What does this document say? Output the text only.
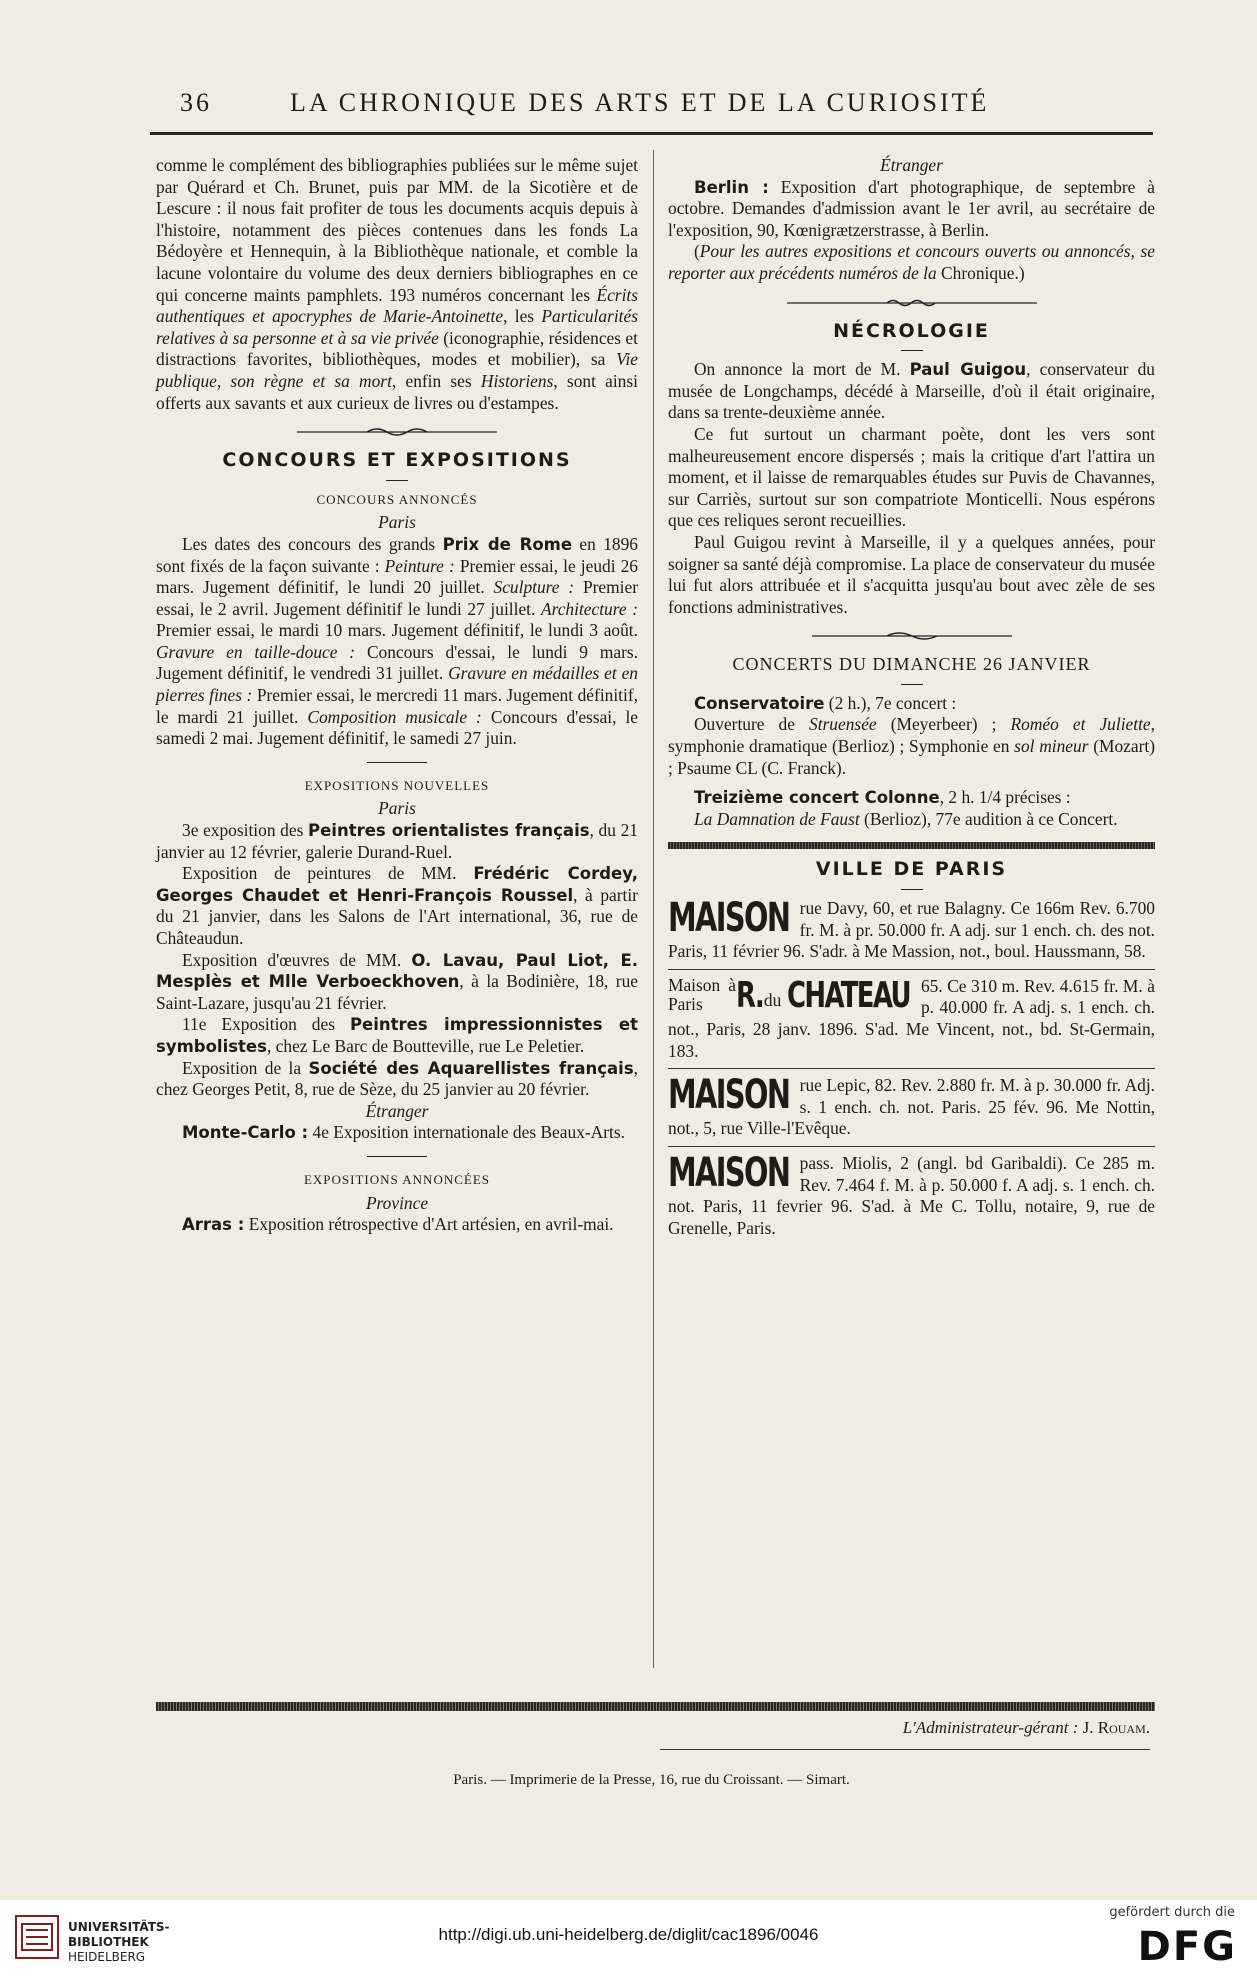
36	LA CHRONIQUE DES ARTS ET DE LA CURIOSITÉ

comme le complément des bibliographies publiées sur le même sujet par Quérard et Ch. Brunet, puis par MM. de la Sicotière et de Lescure : il nous fait profiter de tous les documents acquis depuis à l'histoire, notamment des pièces contenues dans les fonds La Bédoyère et Hennequin, à la Bibliothèque nationale, et comble la lacune volontaire du volume des deux derniers bibliographes en ce qui concerne maints pamphlets. 193 numéros concernant les Écrits authentiques et apocryphes de Marie-Antoinette, les Particularités relatives à sa personne et à sa vie privée (iconographie, résidences et distractions favorites, bibliothèques, modes et mobilier), sa Vie publique, son règne et sa mort, enfin ses Historiens, sont ainsi offerts aux savants et aux curieux de livres ou d'estampes.

CONCOURS ET EXPOSITIONS
CONCOURS ANNONCÉS
Paris

Les dates des concours des grands Prix de Rome en 1896 sont fixés de la façon suivante : Peinture : Premier essai, le jeudi 26 mars. Jugement définitif, le lundi 20 juillet. Sculpture : Premier essai, le 2 avril. Jugement définitif le lundi 27 juillet. Architecture : Premier essai, le mardi 10 mars. Jugement définitif, le lundi 3 août. Gravure en taille-douce : Concours d'essai, le lundi 9 mars. Jugement définitif, le vendredi 31 juillet. Gravure en médailles et en pierres fines : Premier essai, le mercredi 11 mars. Jugement définitif, le mardi 21 juillet. Composition musicale : Concours d'essai, le samedi 2 mai. Jugement définitif, le samedi 27 juin.

EXPOSITIONS NOUVELLES
Paris

3e exposition des Peintres orientalistes français, du 21 janvier au 12 février, galerie Durand-Ruel.

Exposition de peintures de MM. Frédéric Cordey, Georges Chaudet et Henri-François Roussel, à partir du 21 janvier, dans les Salons de l'Art international, 36, rue de Châteaudun.

Exposition d'œuvres de MM. O. Lavau, Paul Liot, E. Mesplès et Mlle Verboeckhoven, à la Bodinière, 18, rue Saint-Lazare, jusqu'au 21 février.

11e Exposition des Peintres impressionnistes et symbolistes, chez Le Barc de Boutteville, rue Le Peletier.

Exposition de la Société des Aquarellistes français, chez Georges Petit, 8, rue de Sèze, du 25 janvier au 20 février.

Étranger

Monte-Carlo : 4e Exposition internationale des Beaux-Arts.

EXPOSITIONS ANNONCÉES
Province

Arras : Exposition rétrospective d'Art artésien, en avril-mai.

Étranger

Berlin : Exposition d'art photographique, de septembre à octobre. Demandes d'admission avant le 1er avril, au secrétaire de l'exposition, 90, Kœnigrætzerstrasse, à Berlin.

(Pour les autres expositions et concours ouverts ou annoncés, se reporter aux précédents numéros de la Chronique.)

NÉCROLOGIE

On annonce la mort de M. Paul Guigou, conservateur du musée de Longchamps, décédé à Marseille, d'où il était originaire, dans sa trente-deuxième année.

Ce fut surtout un charmant poète, dont les vers sont malheureusement encore dispersés ; mais la critique d'art l'attira un moment, et il laisse de remarquables études sur Puvis de Chavannes, sur Carriès, surtout sur son compatriote Monticelli. Nous espérons que ces reliques seront recueillies.

Paul Guigou revint à Marseille, il y a quelques années, pour soigner sa santé déjà compromise. La place de conservateur du musée lui fut alors attribuée et il s'acquitta jusqu'au bout avec zèle de ses fonctions administratives.

CONCERTS DU DIMANCHE 26 JANVIER

Conservatoire (2 h.), 7e concert :

Ouverture de Struensée (Meyerbeer) ; Roméo et Juliette, symphonie dramatique (Berlioz) ; Symphonie en sol mineur (Mozart) ; Psaume CL (C. Franck).

Treizième concert Colonne, 2 h. 1/4 précises :

La Damnation de Faust (Berlioz), 77e audition à ce Concert.

VILLE DE PARIS
MAISON rue Davy, 60, et rue Balagny. Ce 166m Rev. 6.700 fr. M. à pr. 50.000 fr. A adj. sur 1 ench. ch. des not. Paris, 11 février 96. S'adr. à Me Massion, not., boul. Haussmann, 58.
Maison à Paris R. du CHATEAU 65. Ce 310 m. Rev. 4.615 fr. M. à p. 40.000 fr. A adj. s. 1 ench. ch. not., Paris, 28 janv. 1896. S'ad. Me Vincent, not., bd. St-Germain, 183.
MAISON rue Lepic, 82. Rev. 2.880 fr. M. à p. 30.000 fr. Adj. s. 1 ench. ch. not. Paris. 25 fév. 96. Me Nottin, not., 5, rue Ville-l'Evêque.
MAISON pass. Miolis, 2 (angl. bd Garibaldi). Ce 285 m. Rev. 7.464 f. M. à p. 50.000 f. A adj. s. 1 ench. ch. not. Paris, 11 fevrier 96. S'ad. à Me C. Tollu, notaire, 9, rue de Grenelle, Paris.
L'Administrateur-gérant : J. Rouam.
Paris. — Imprimerie de la Presse, 16, rue du Croissant. — Simart.
UNIVERSITÄTS-
BIBLIOTHEK
HEIDELBERG
http://digi.ub.uni-heidelberg.de/diglit/cac1896/0046
gefördert durch die
DFG
